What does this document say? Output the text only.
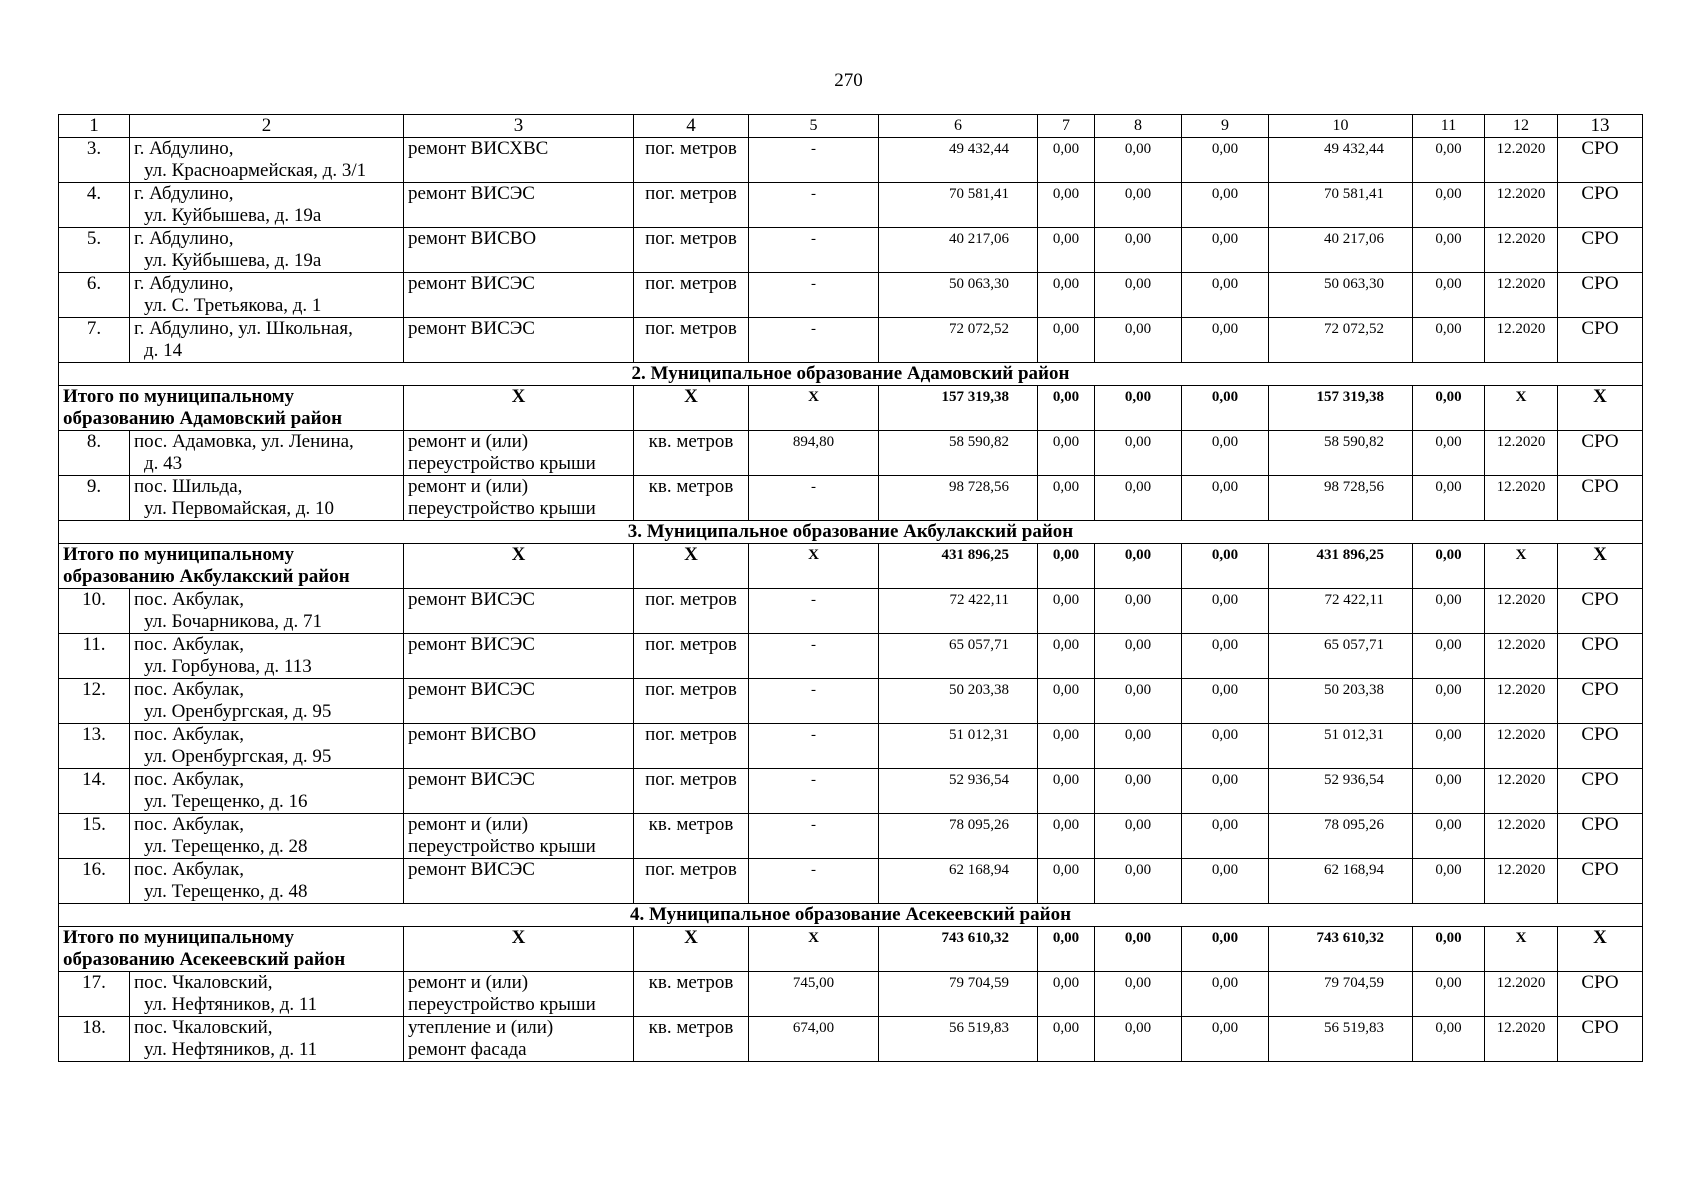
270
1	2	3	4	5	6	7	8	9	10	11	12	13
3.	г. Абдулино,
ул. Красноармейская, д. 3/1	ремонт ВИСХВС	пог. метров	-	49 432,44	0,00	0,00	0,00	49 432,44	0,00	12.2020	СРО
4.	г. Абдулино,
ул. Куйбышева, д. 19а	ремонт ВИСЭС	пог. метров	-	70 581,41	0,00	0,00	0,00	70 581,41	0,00	12.2020	СРО
5.	г. Абдулино,
ул. Куйбышева, д. 19а	ремонт ВИСВО	пог. метров	-	40 217,06	0,00	0,00	0,00	40 217,06	0,00	12.2020	СРО
6.	г. Абдулино,
ул. С. Третьякова, д. 1	ремонт ВИСЭС	пог. метров	-	50 063,30	0,00	0,00	0,00	50 063,30	0,00	12.2020	СРО
7.	г. Абдулино, ул. Школьная,
д. 14	ремонт ВИСЭС	пог. метров	-	72 072,52	0,00	0,00	0,00	72 072,52	0,00	12.2020	СРО
2. Муниципальное образование Адамовский район												

Итого по муниципальному
образованию Адамовский район		Х	Х	Х	157 319,38	0,00	0,00	0,00	157 319,38	0,00	Х	Х
8.	пос. Адамовка, ул. Ленина,
д. 43	ремонт и (или)
переустройство крыши	кв. метров	894,80	58 590,82	0,00	0,00	0,00	58 590,82	0,00	12.2020	СРО
9.	пос. Шильда,
ул. Первомайская, д. 10	ремонт и (или)
переустройство крыши	кв. метров	-	98 728,56	0,00	0,00	0,00	98 728,56	0,00	12.2020	СРО
3. Муниципальное образование Акбулакский район												

Итого по муниципальному
образованию Акбулакский район		Х	Х	Х	431 896,25	0,00	0,00	0,00	431 896,25	0,00	Х	Х
10.	пос. Акбулак,
ул. Бочарникова, д. 71	ремонт ВИСЭС	пог. метров	-	72 422,11	0,00	0,00	0,00	72 422,11	0,00	12.2020	СРО
11.	пос. Акбулак,
ул. Горбунова, д. 113	ремонт ВИСЭС	пог. метров	-	65 057,71	0,00	0,00	0,00	65 057,71	0,00	12.2020	СРО
12.	пос. Акбулак,
ул. Оренбургская, д. 95	ремонт ВИСЭС	пог. метров	-	50 203,38	0,00	0,00	0,00	50 203,38	0,00	12.2020	СРО
13.	пос. Акбулак,
ул. Оренбургская, д. 95	ремонт ВИСВО	пог. метров	-	51 012,31	0,00	0,00	0,00	51 012,31	0,00	12.2020	СРО
14.	пос. Акбулак,
ул. Терещенко, д. 16	ремонт ВИСЭС	пог. метров	-	52 936,54	0,00	0,00	0,00	52 936,54	0,00	12.2020	СРО
15.	пос. Акбулак,
ул. Терещенко, д. 28	ремонт и (или)
переустройство крыши	кв. метров	-	78 095,26	0,00	0,00	0,00	78 095,26	0,00	12.2020	СРО
16.	пос. Акбулак,
ул. Терещенко, д. 48	ремонт ВИСЭС	пог. метров	-	62 168,94	0,00	0,00	0,00	62 168,94	0,00	12.2020	СРО
4. Муниципальное образование Асекеевский район												

Итого по муниципальному
образованию Асекеевский район		Х	Х	Х	743 610,32	0,00	0,00	0,00	743 610,32	0,00	Х	Х
17.	пос. Чкаловский,
ул. Нефтяников, д. 11	ремонт и (или)
переустройство крыши	кв. метров	745,00	79 704,59	0,00	0,00	0,00	79 704,59	0,00	12.2020	СРО
18.	пос. Чкаловский,
ул. Нефтяников, д. 11	утепление и (или)
ремонт фасада	кв. метров	674,00	56 519,83	0,00	0,00	0,00	56 519,83	0,00	12.2020	СРО
